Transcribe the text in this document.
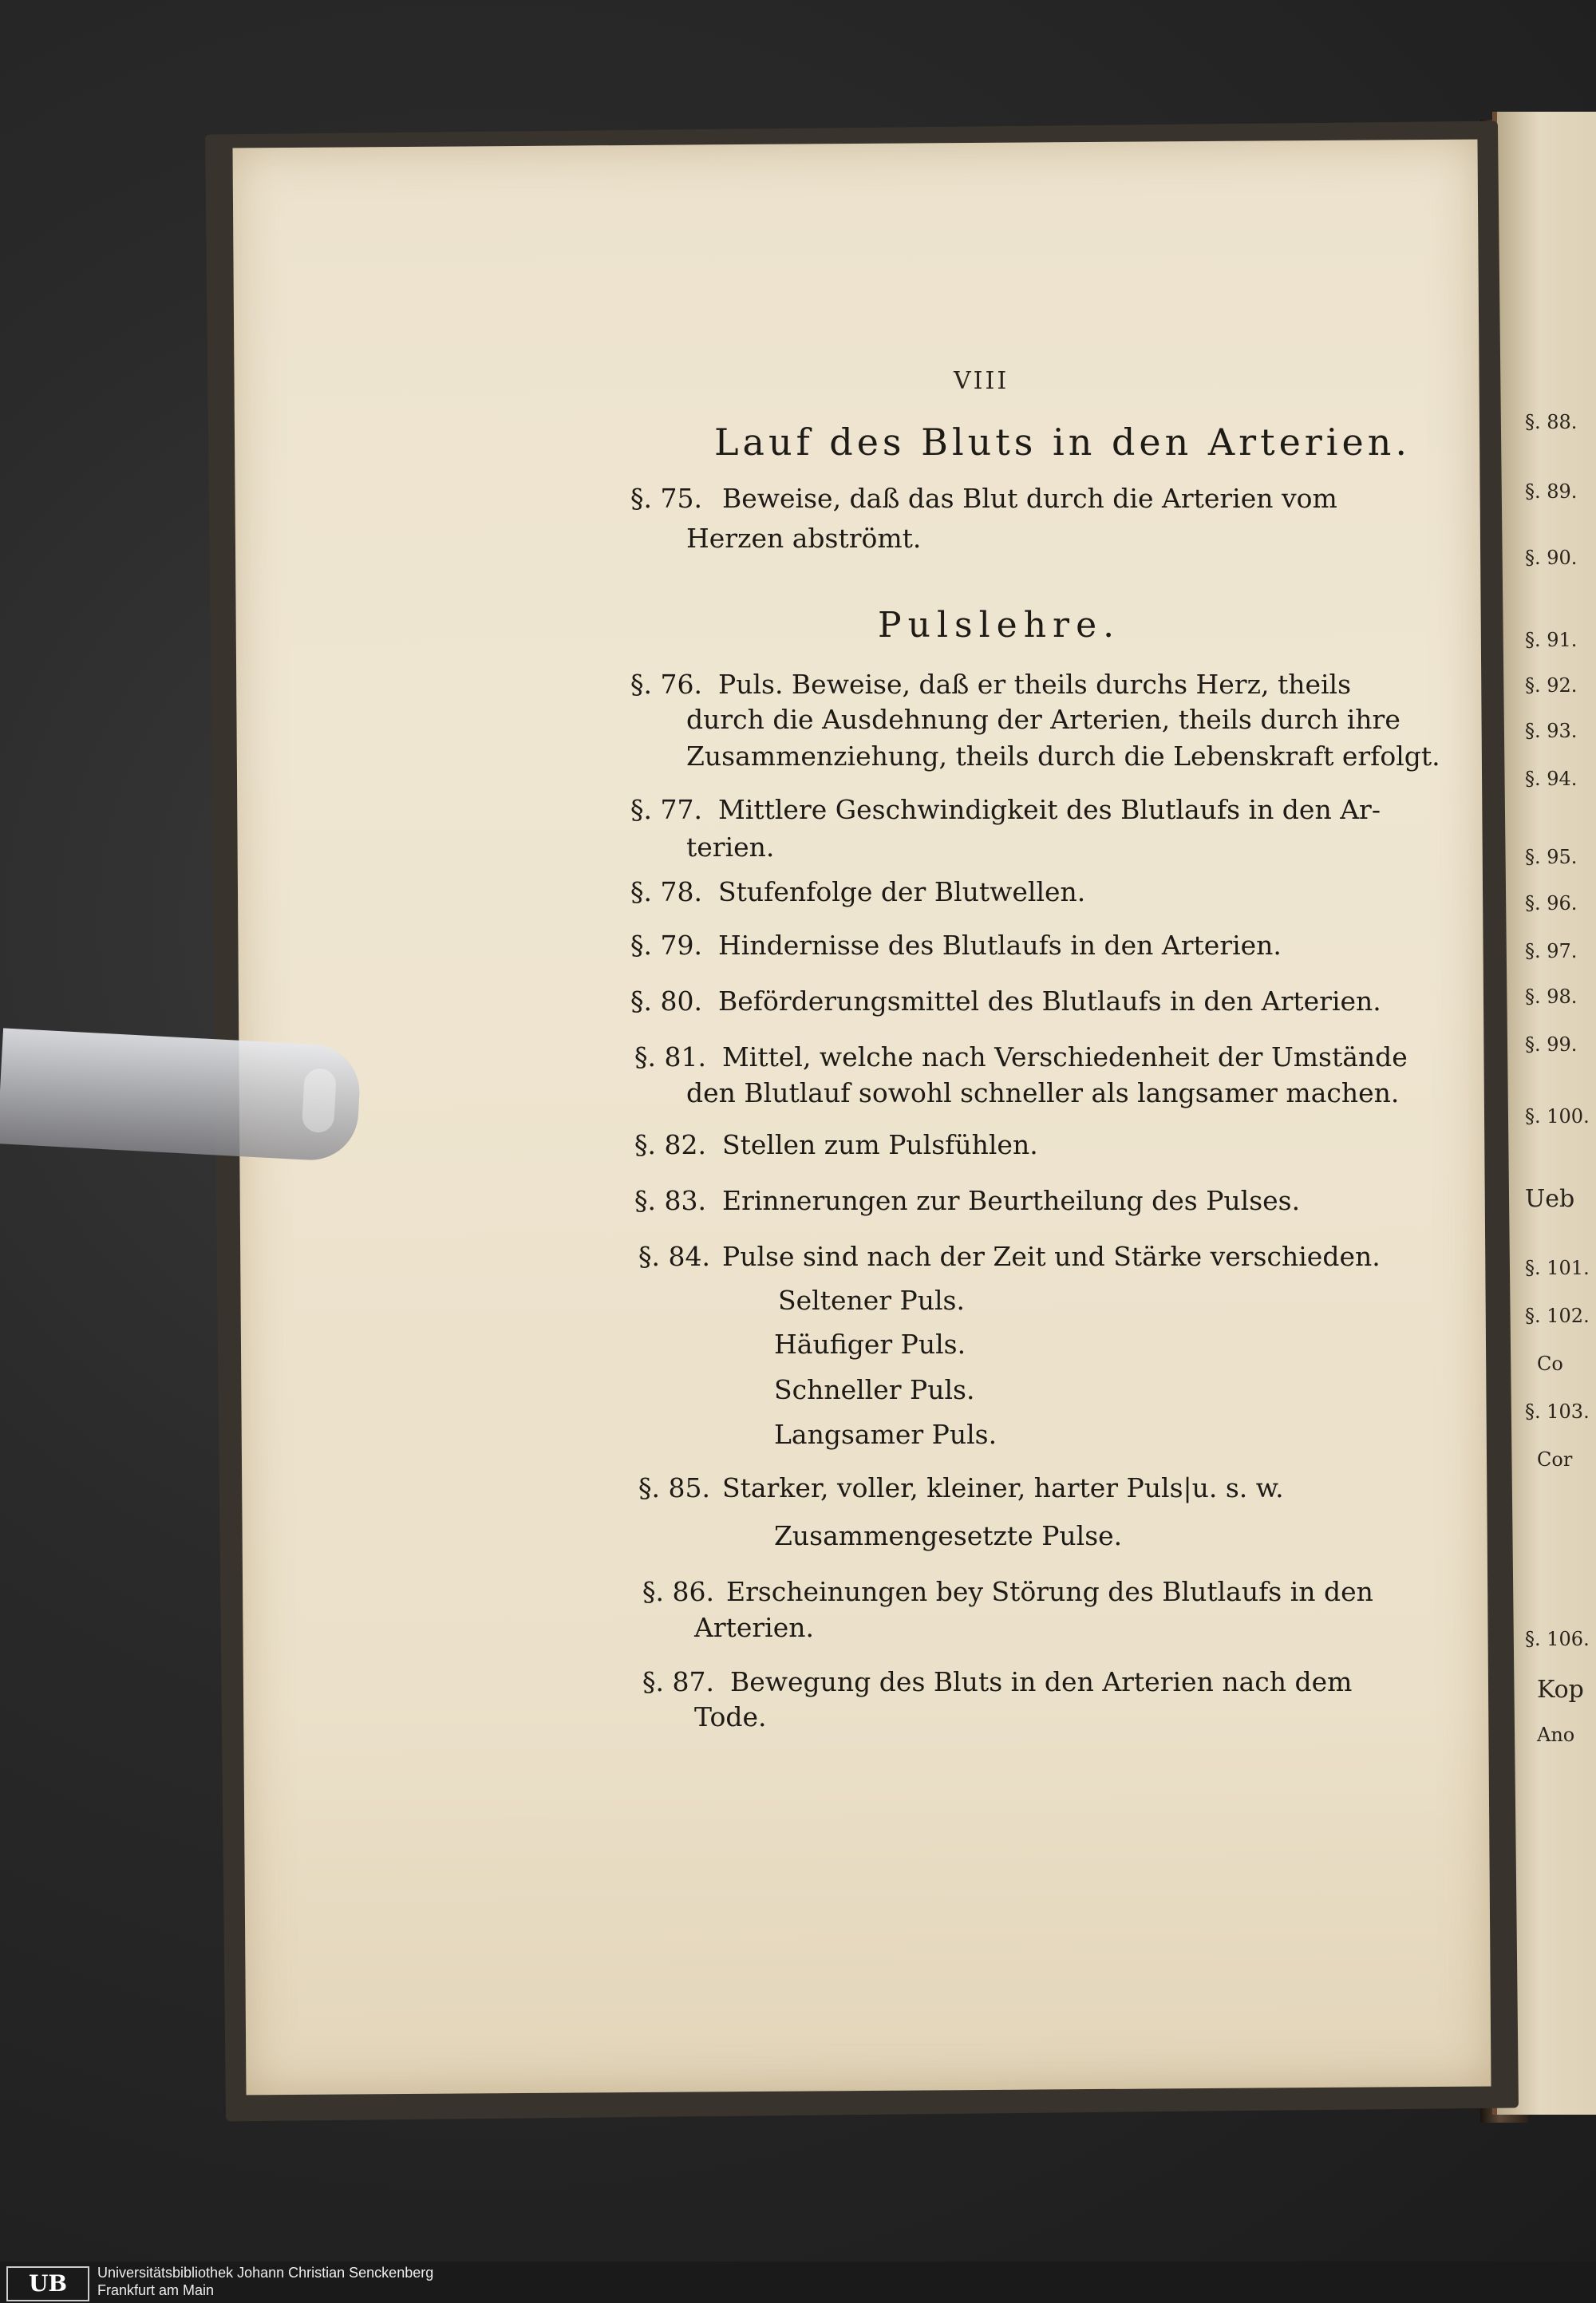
§. 88.
§. 89.
§. 90.
§. 91.
§. 92.
§. 93.
§. 94.
§. 95.
§. 96.
§. 97.
§. 98.
§. 99.
§. 100.
Ueb
§. 101.
§. 102.
Co
§. 103.
Cor
§. 106.
Kop
Ano
VIII
Lauf des Bluts in den Arterien.
§. 75. Beweise, daß das Blut durch die Arterien vom
Herzen abströmt.
Pulslehre.
§. 76. Puls. Beweise, daß er theils durchs Herz, theils
durch die Ausdehnung der Arterien, theils durch ihre
Zusammenziehung, theils durch die Lebenskraft erfolgt.
§. 77. Mittlere Geschwindigkeit des Blutlaufs in den Ar-
terien.
§. 78. Stufenfolge der Blutwellen.
§. 79. Hindernisse des Blutlaufs in den Arterien.
§. 80. Beförderungsmittel des Blutlaufs in den Arterien.
§. 81. Mittel, welche nach Verschiedenheit der Umstände
den Blutlauf sowohl schneller als langsamer machen.
§. 82. Stellen zum Pulsfühlen.
§. 83. Erinnerungen zur Beurtheilung des Pulses.
§. 84. Pulse sind nach der Zeit und Stärke verschieden.
Seltener Puls.
Häufiger Puls.
Schneller Puls.
Langsamer Puls.
§. 85. Starker, voller, kleiner, harter Puls|u. s. w.
Zusammengesetzte Pulse.
§. 86. Erscheinungen bey Störung des Blutlaufs in den
Arterien.
§. 87. Bewegung des Bluts in den Arterien nach dem
Tode.
UB	Universitätsbibliothek Johann Christian Senckenberg
Frankfurt am Main
